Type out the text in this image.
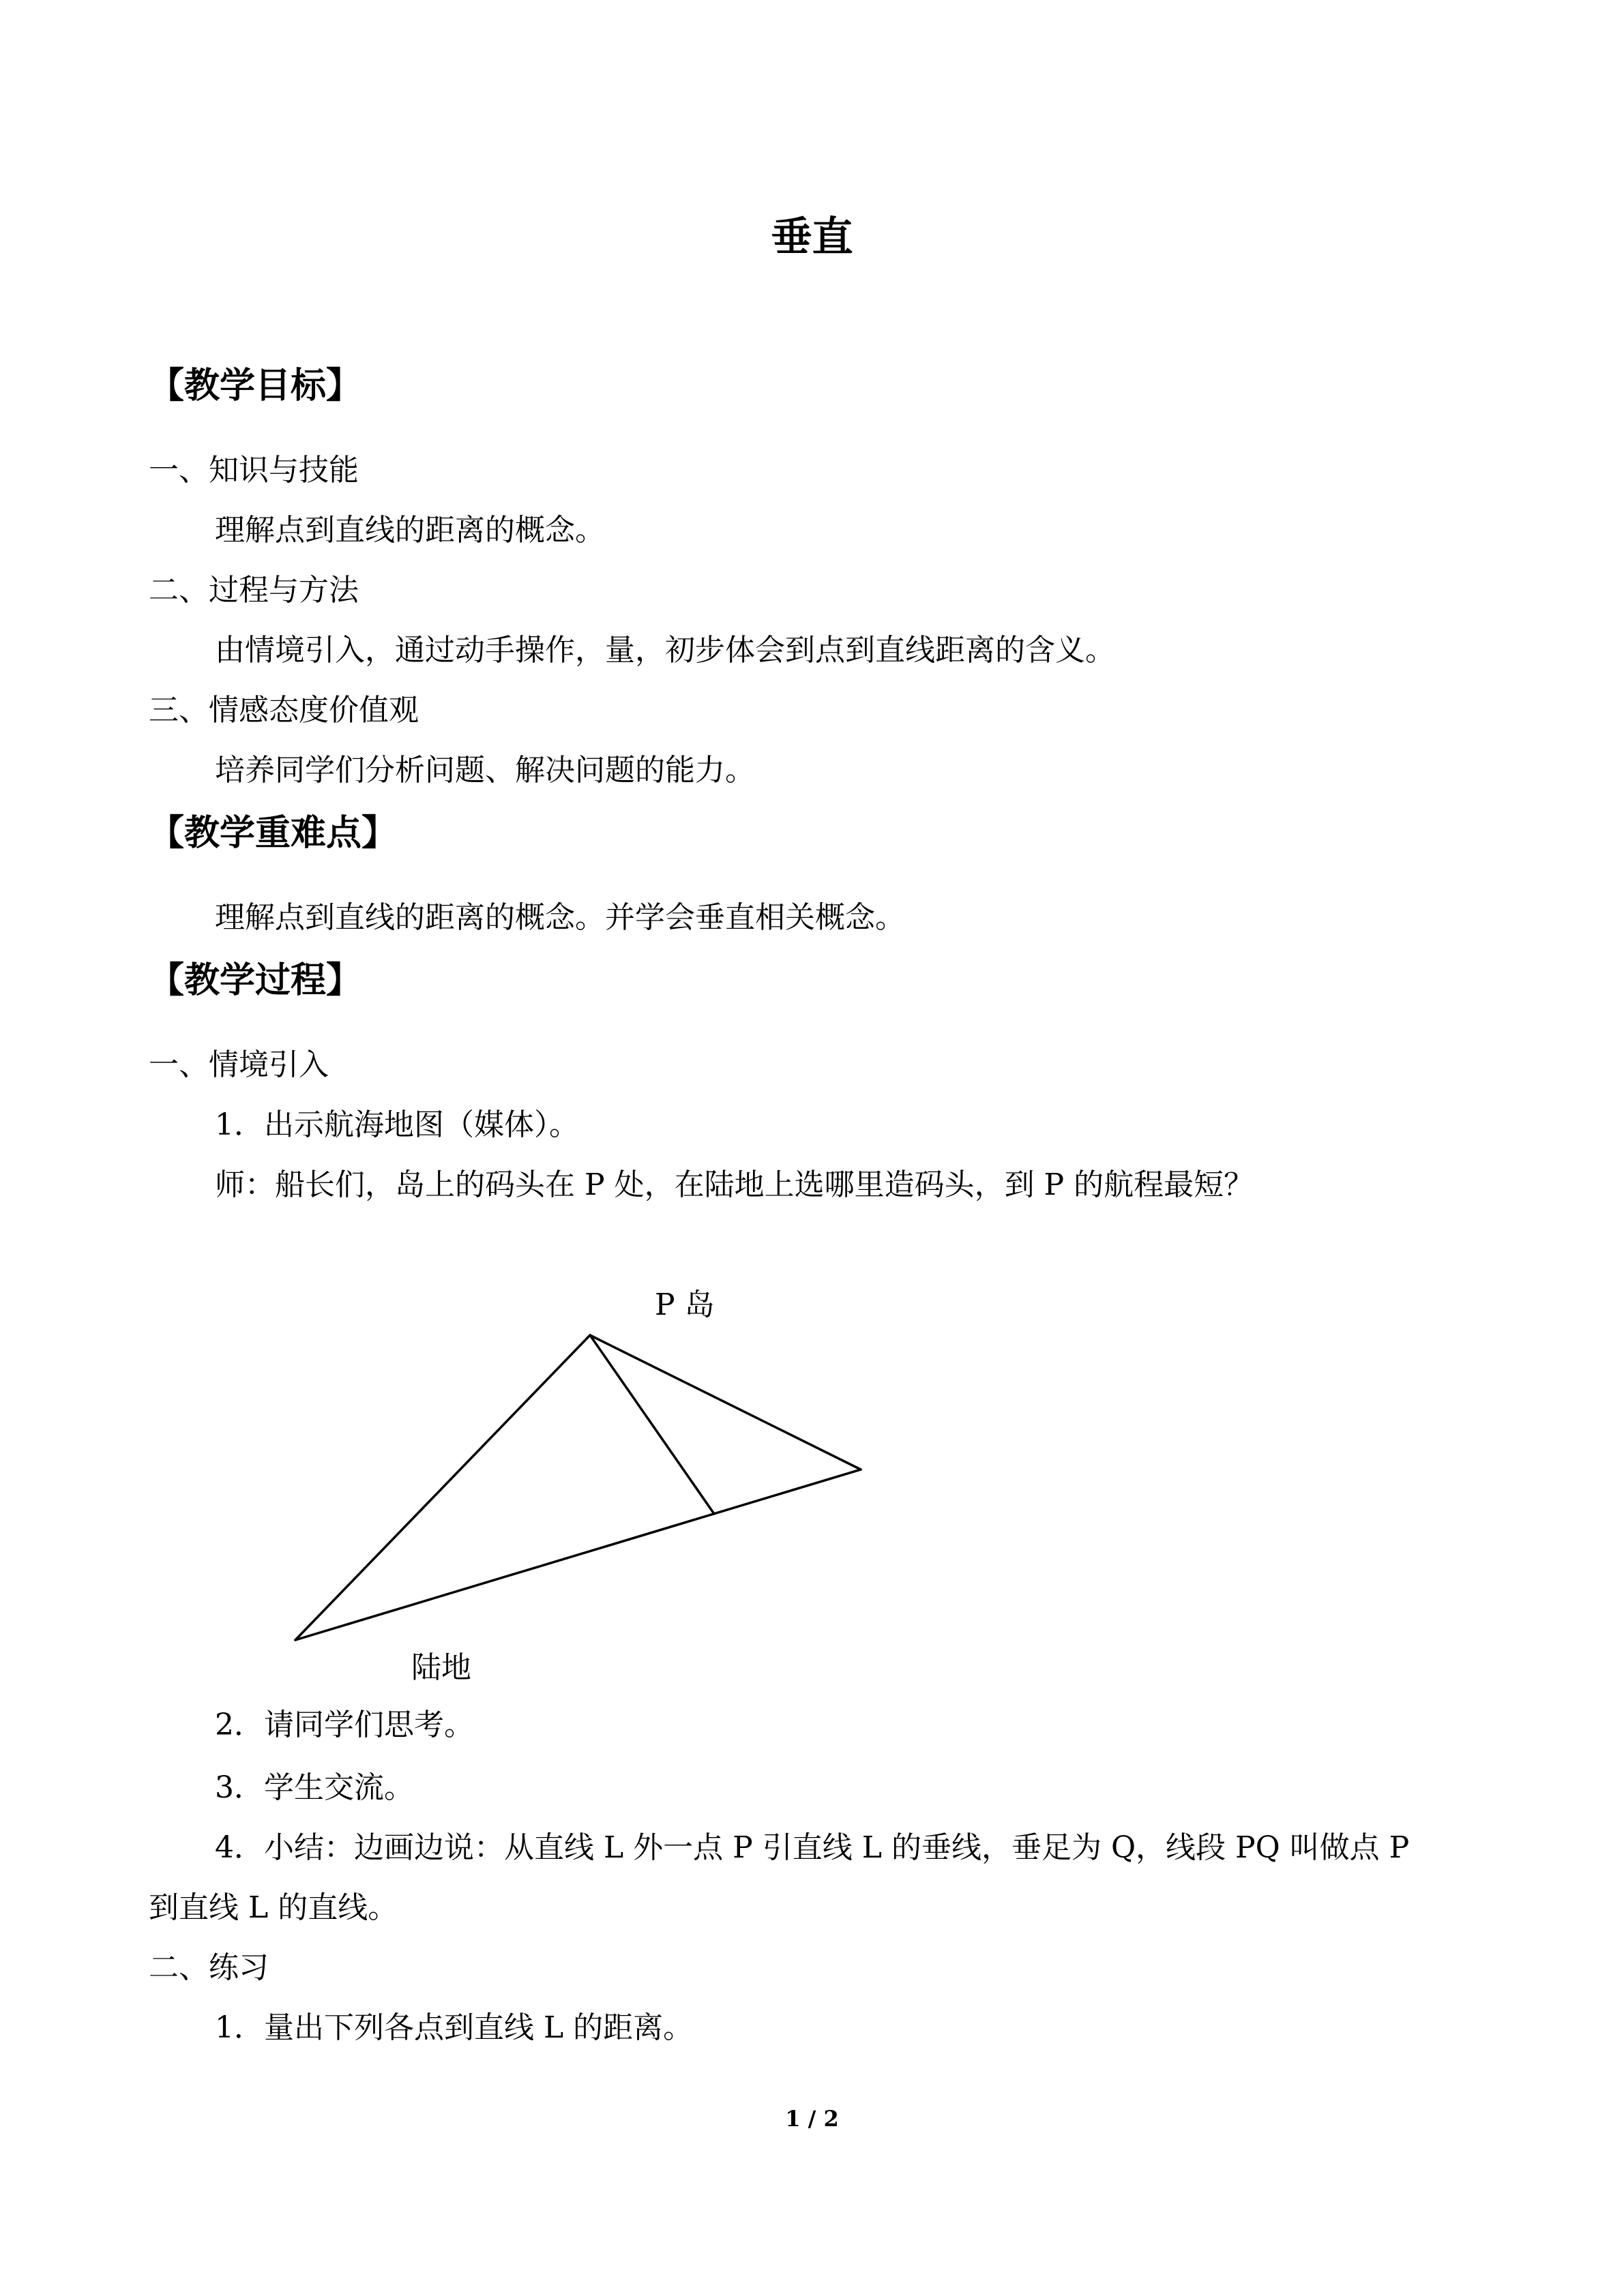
垂直
【教学目标】
一、知识与技能
理解点到直线的距离的概念。
二、过程与方法
由情境引入，通过动手操作，量，初步体会到点到直线距离的含义。
三、情感态度价值观
培养同学们分析问题、解决问题的能力。
【教学重难点】
理解点到直线的距离的概念。并学会垂直相关概念。
【教学过程】
一、情境引入
1．出示航海地图（媒体）。
师：船长们，岛上的码头在 P 处，在陆地上选哪里造码头，到 P 的航程最短？
P 岛
陆地
2．请同学们思考。
3．学生交流。
4．小结：边画边说：从直线 L 外一点 P 引直线 L 的垂线，垂足为 Q，线段 PQ 叫做点 P
到直线 L 的直线。
二、练习
1．量出下列各点到直线 L 的距离。
1 / 2
